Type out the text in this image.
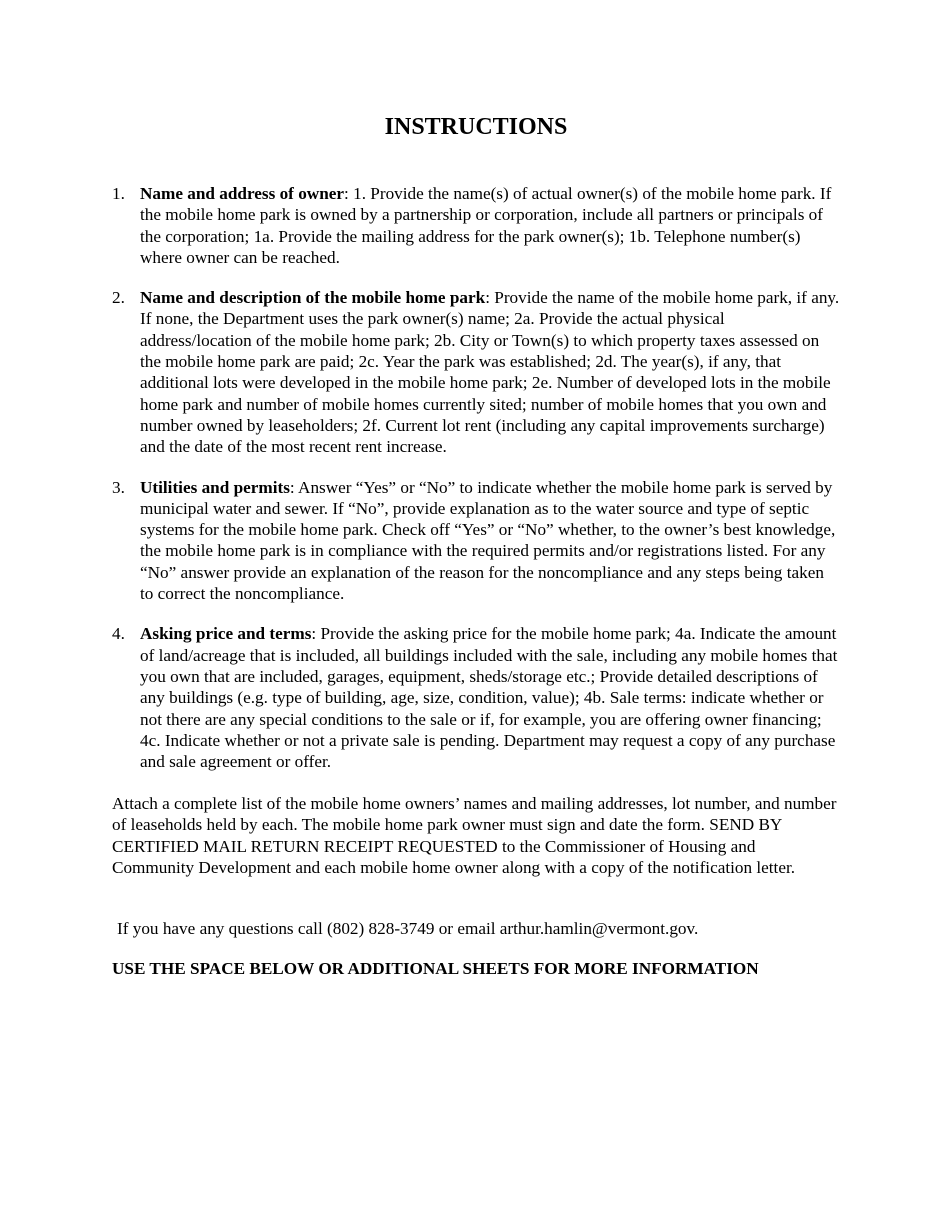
INSTRUCTIONS
1. Name and address of owner: 1. Provide the name(s) of actual owner(s) of the mobile home park. If the mobile home park is owned by a partnership or corporation, include all partners or principals of the corporation; 1a. Provide the mailing address for the park owner(s); 1b. Telephone number(s) where owner can be reached.
2. Name and description of the mobile home park: Provide the name of the mobile home park, if any. If none, the Department uses the park owner(s) name; 2a. Provide the actual physical address/location of the mobile home park; 2b. City or Town(s) to which property taxes assessed on the mobile home park are paid; 2c. Year the park was established; 2d. The year(s), if any, that additional lots were developed in the mobile home park; 2e. Number of developed lots in the mobile home park and number of mobile homes currently sited; number of mobile homes that you own and number owned by leaseholders; 2f. Current lot rent (including any capital improvements surcharge) and the date of the most recent rent increase.
3. Utilities and permits: Answer “Yes” or “No” to indicate whether the mobile home park is served by municipal water and sewer. If “No”, provide explanation as to the water source and type of septic systems for the mobile home park. Check off “Yes” or “No” whether, to the owner’s best knowledge, the mobile home park is in compliance with the required permits and/or registrations listed. For any “No” answer provide an explanation of the reason for the noncompliance and any steps being taken to correct the noncompliance.
4. Asking price and terms: Provide the asking price for the mobile home park; 4a. Indicate the amount of land/acreage that is included, all buildings included with the sale, including any mobile homes that you own that are included, garages, equipment, sheds/storage etc.; Provide detailed descriptions of any buildings (e.g. type of building, age, size, condition, value); 4b. Sale terms: indicate whether or not there are any special conditions to the sale or if, for example, you are offering owner financing; 4c. Indicate whether or not a private sale is pending. Department may request a copy of any purchase and sale agreement or offer.

Attach a complete list of the mobile home owners’ names and mailing addresses, lot number, and number of leaseholds held by each. The mobile home park owner must sign and date the form. SEND BY CERTIFIED MAIL RETURN RECEIPT REQUESTED to the Commissioner of Housing and Community Development and each mobile home owner along with a copy of the notification letter.

If you have any questions call (802) 828-3749 or email arthur.hamlin@vermont.gov.

USE THE SPACE BELOW OR ADDITIONAL SHEETS FOR MORE INFORMATION
